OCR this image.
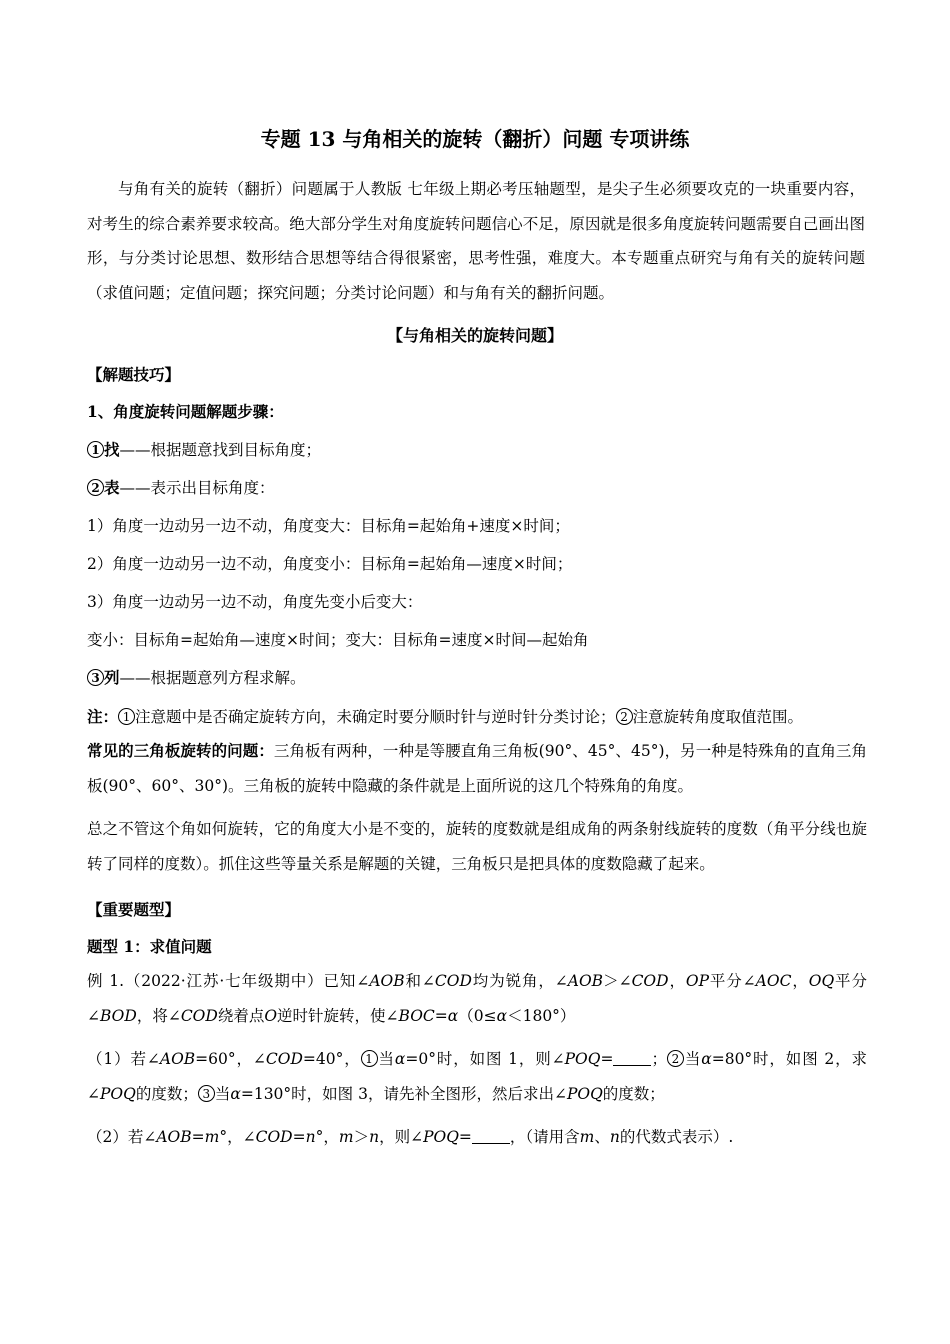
专题 13 与角相关的旋转（翻折）问题 专项讲练
与角有关的旋转（翻折）问题属于人教版 七年级上期必考压轴题型，是尖子生必须要攻克的一块重要内容，对考生的综合素养要求较高。绝大部分学生对角度旋转问题信心不足，原因就是很多角度旋转问题需要自己画出图形，与分类讨论思想、数形结合思想等结合得很紧密，思考性强，难度大。本专题重点研究与角有关的旋转问题（求值问题；定值问题；探究问题；分类讨论问题）和与角有关的翻折问题。
【与角相关的旋转问题】
【解题技巧】
1、角度旋转问题解题步骤：
1 找——根据题意找到目标角度；
2 表——表示出目标角度：
1）角度一边动另一边不动，角度变大：目标角=起始角+速度×时间；
2）角度一边动另一边不动，角度变小：目标角=起始角—速度×时间；
3）角度一边动另一边不动，角度先变小后变大：
变小：目标角=起始角—速度×时间；变大：目标角=速度×时间—起始角
3 列——根据题意列方程求解。
注： 1 注意题中是否确定旋转方向，未确定时要分顺时针与逆时针分类讨论； 2 注意旋转角度取值范围。
常见的三角板旋转的问题：三角板有两种，一种是等腰直角三角板(90°、45°、45°)，另一种是特殊角的直角三角板(90°、60°、30°)。三角板的旋转中隐藏的条件就是上面所说的这几个特殊角的角度。
总之不管这个角如何旋转，它的角度大小是不变的，旋转的度数就是组成角的两条射线旋转的度数（角平分线也旋转了同样的度数）。抓住这些等量关系是解题的关键，三角板只是把具体的度数隐藏了起来。
【重要题型】
题型 1：求值问题
例 1.（2022·江苏·七年级期中）已知∠AOB和∠COD均为锐角，∠AOB＞∠COD，OP平分∠AOC，OQ平分∠BOD，将∠COD绕着点O逆时针旋转，使∠BOC=α（0≤α＜180°）
（1）若∠AOB=60°，∠COD=40°， 1 当α=0°时，如图 1，则∠POQ= ； 2 当α=80°时，如图 2，求∠POQ的度数； 3 当α=130°时，如图 3，请先补全图形，然后求出∠POQ的度数；
（2）若∠AOB=m°，∠COD=n°，m＞n，则∠POQ= ，（请用含m、n的代数式表示）.
